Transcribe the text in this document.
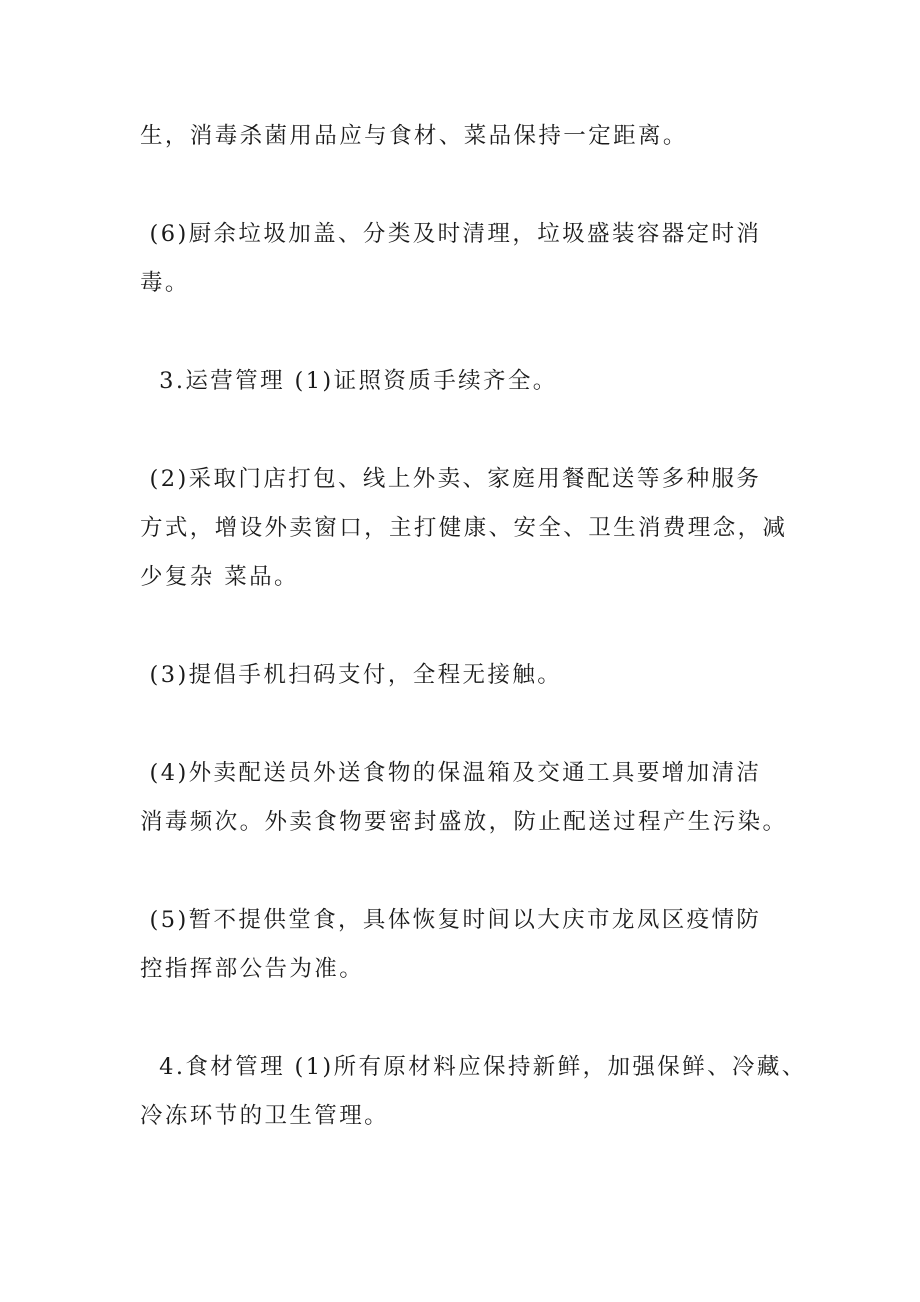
生，消毒杀菌用品应与食材、菜品保持一定距离。
(6)厨余垃圾加盖、分类及时清理，垃圾盛装容器定时消
毒。
3.运营管理 (1)证照资质手续齐全。
(2)采取门店打包、线上外卖、家庭用餐配送等多种服务
方式，增设外卖窗口，主打健康、安全、卫生消费理念，减
少复杂 菜品。
(3)提倡手机扫码支付，全程无接触。
(4)外卖配送员外送食物的保温箱及交通工具要增加清洁
消毒频次。外卖食物要密封盛放，防止配送过程产生污染。
(5)暂不提供堂食，具体恢复时间以大庆市龙凤区疫情防
控指挥部公告为准。
4.食材管理 (1)所有原材料应保持新鲜，加强保鲜、冷藏、
冷冻环节的卫生管理。
